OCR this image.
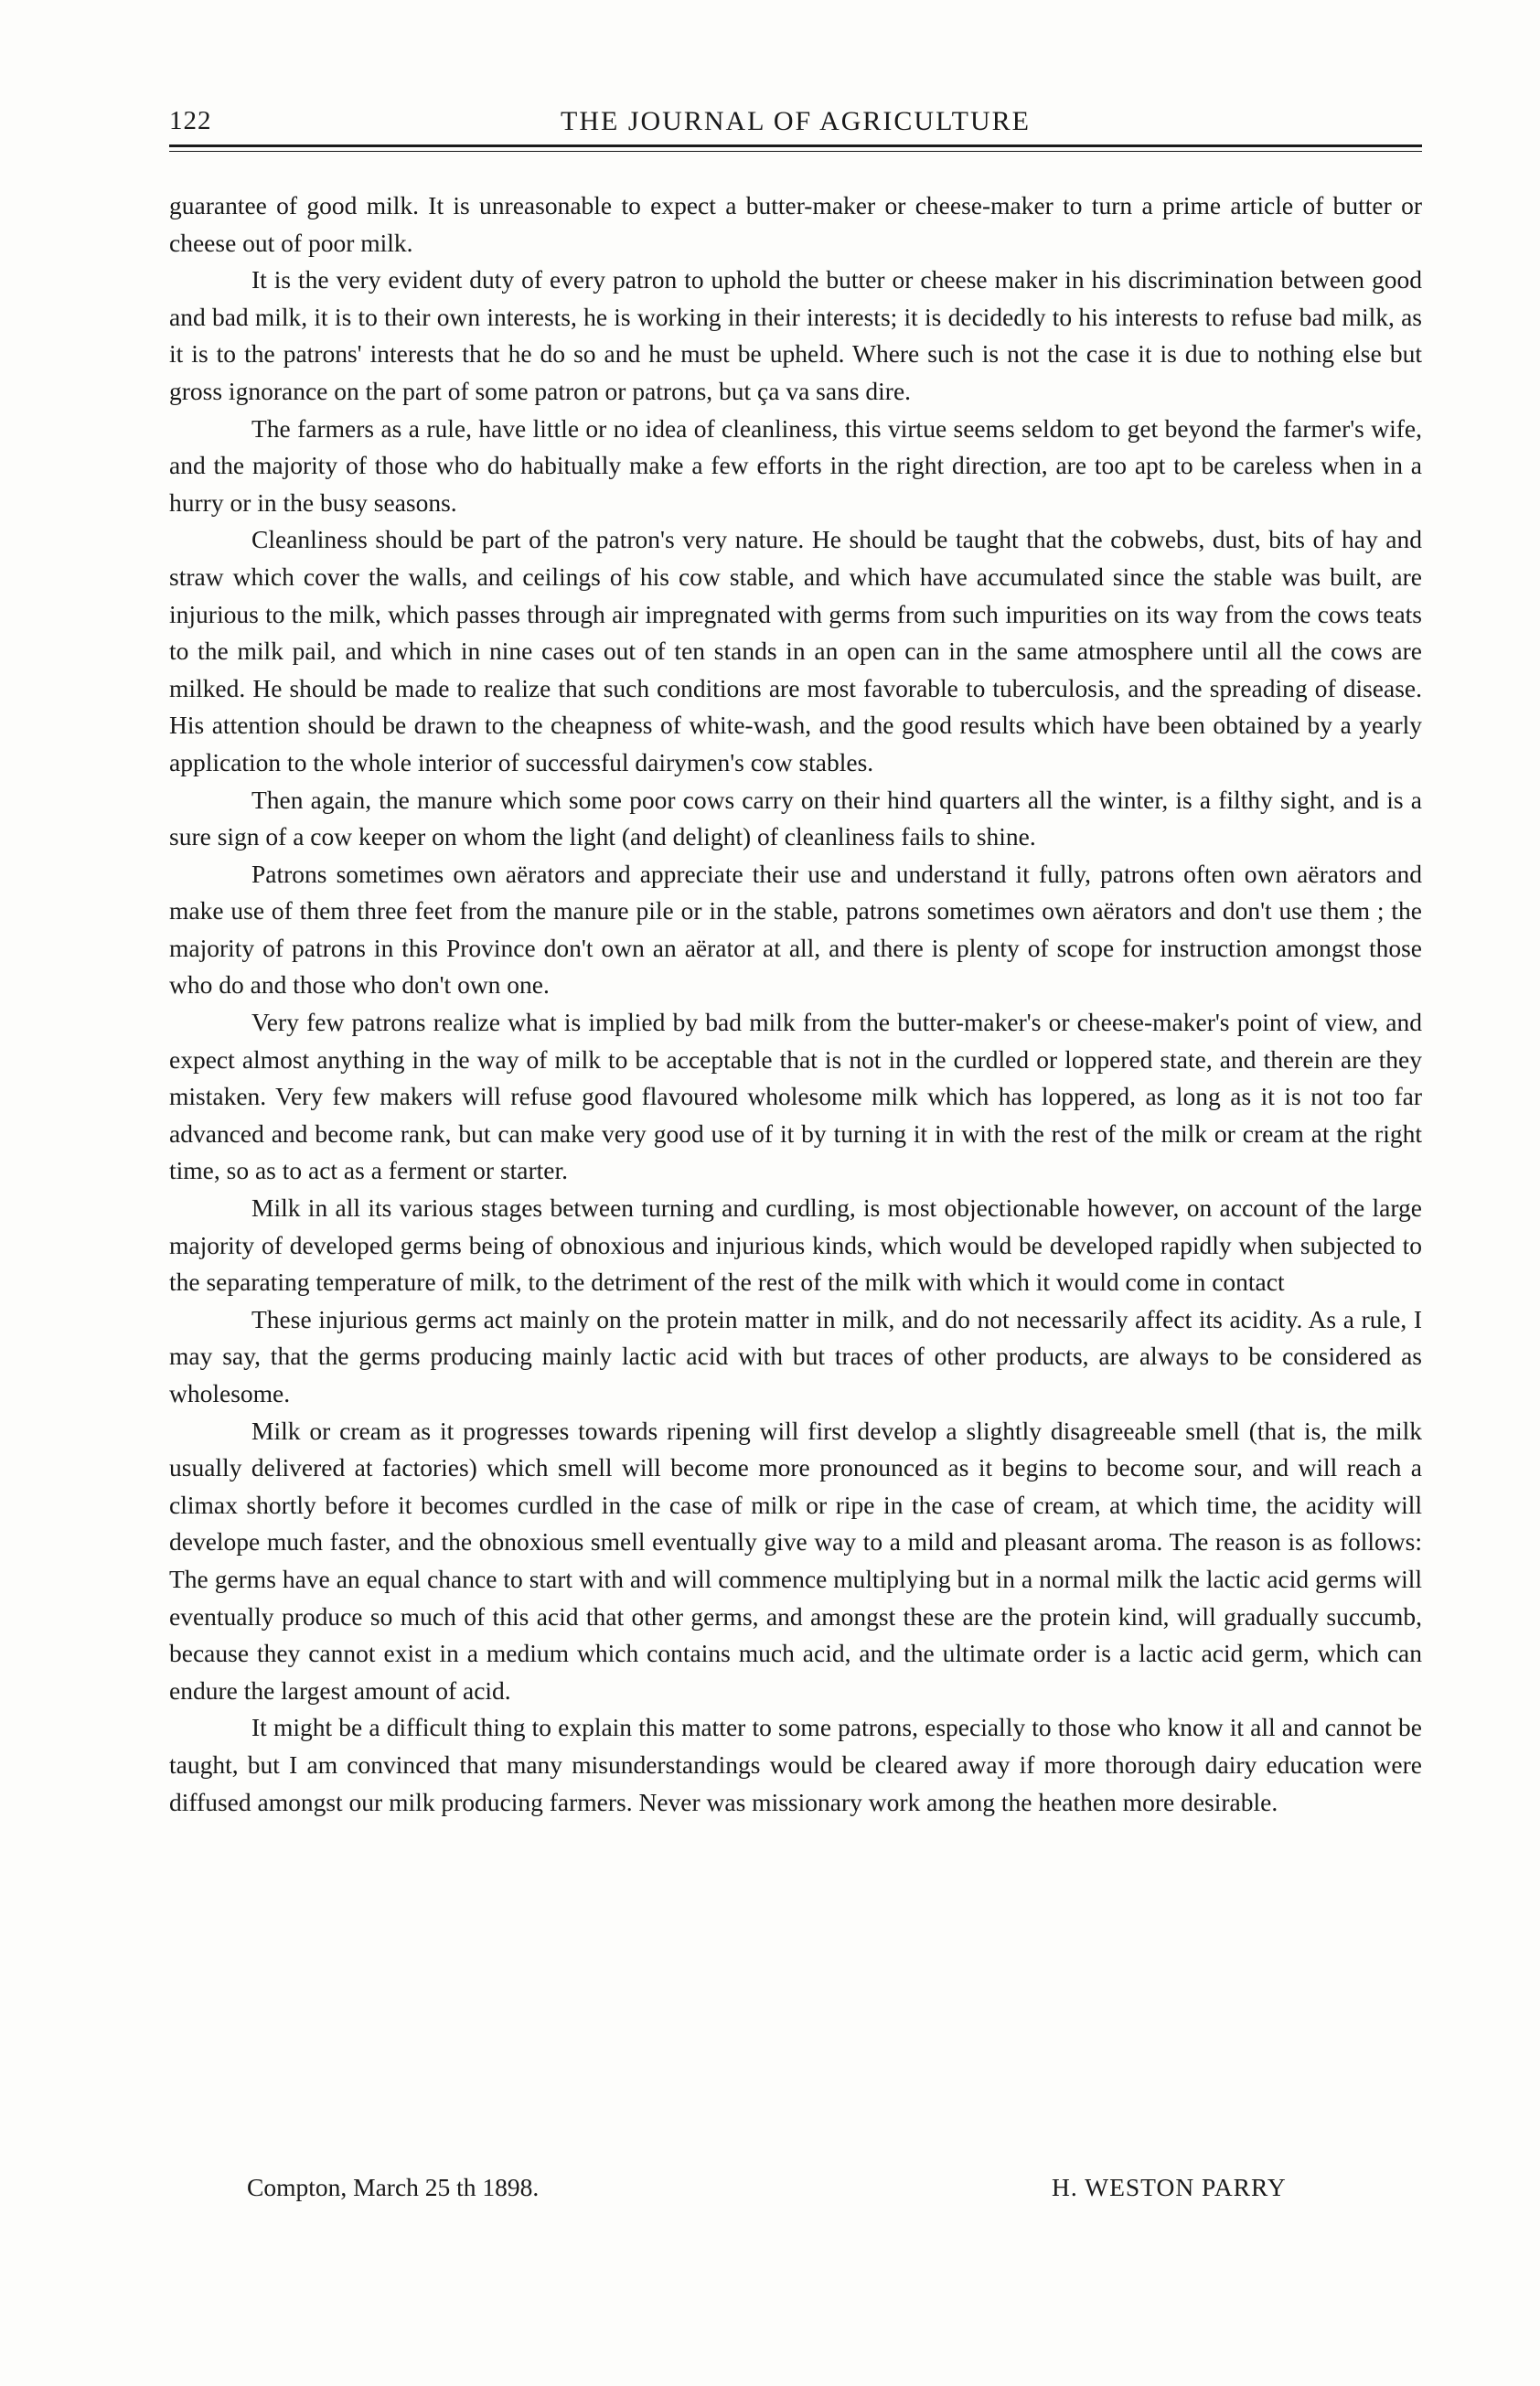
122	THE JOURNAL OF AGRICULTURE

guarantee of good milk. It is unreasonable to expect a butter-maker or cheese-maker to turn a prime article of butter or cheese out of poor milk.

It is the very evident duty of every patron to uphold the butter or cheese maker in his discrimination between good and bad milk, it is to their own interests, he is working in their interests; it is decidedly to his interests to refuse bad milk, as it is to the patrons' interests that he do so and he must be upheld. Where such is not the case it is due to nothing else but gross ignorance on the part of some patron or patrons, but ça va sans dire.

The farmers as a rule, have little or no idea of cleanliness, this virtue seems seldom to get beyond the farmer's wife, and the majority of those who do habitually make a few efforts in the right direction, are too apt to be careless when in a hurry or in the busy seasons.

Cleanliness should be part of the patron's very nature. He should be taught that the cobwebs, dust, bits of hay and straw which cover the walls, and ceilings of his cow stable, and which have accumulated since the stable was built, are injurious to the milk, which passes through air impregnated with germs from such impurities on its way from the cows teats to the milk pail, and which in nine cases out of ten stands in an open can in the same atmosphere until all the cows are milked. He should be made to realize that such conditions are most favorable to tuberculosis, and the spreading of disease. His attention should be drawn to the cheapness of white-wash, and the good results which have been obtained by a yearly application to the whole interior of successful dairymen's cow stables.

Then again, the manure which some poor cows carry on their hind quarters all the winter, is a filthy sight, and is a sure sign of a cow keeper on whom the light (and delight) of cleanliness fails to shine.

Patrons sometimes own aërators and appreciate their use and understand it fully, patrons often own aërators and make use of them three feet from the manure pile or in the stable, patrons sometimes own aërators and don't use them ; the majority of patrons in this Province don't own an aërator at all, and there is plenty of scope for instruction amongst those who do and those who don't own one.

Very few patrons realize what is implied by bad milk from the butter-maker's or cheese-maker's point of view, and expect almost anything in the way of milk to be acceptable that is not in the curdled or loppered state, and therein are they mistaken. Very few makers will refuse good flavoured wholesome milk which has loppered, as long as it is not too far advanced and become rank, but can make very good use of it by turning it in with the rest of the milk or cream at the right time, so as to act as a ferment or starter.

Milk in all its various stages between turning and curdling, is most objectionable however, on account of the large majority of developed germs being of obnoxious and injurious kinds, which would be developed rapidly when subjected to the separating temperature of milk, to the detriment of the rest of the milk with which it would come in contact

These injurious germs act mainly on the protein matter in milk, and do not necessarily affect its acidity. As a rule, I may say, that the germs producing mainly lactic acid with but traces of other products, are always to be considered as wholesome.

Milk or cream as it progresses towards ripening will first develop a slightly disagreeable smell (that is, the milk usually delivered at factories) which smell will become more pronounced as it begins to become sour, and will reach a climax shortly before it becomes curdled in the case of milk or ripe in the case of cream, at which time, the acidity will develope much faster, and the obnoxious smell eventually give way to a mild and pleasant aroma. The reason is as follows: The germs have an equal chance to start with and will commence multiplying but in a normal milk the lactic acid germs will eventually produce so much of this acid that other germs, and amongst these are the protein kind, will gradually succumb, because they cannot exist in a medium which contains much acid, and the ultimate order is a lactic acid germ, which can endure the largest amount of acid.

It might be a difficult thing to explain this matter to some patrons, especially to those who know it all and cannot be taught, but I am convinced that many misunderstandings would be cleared away if more thorough dairy education were diffused amongst our milk producing farmers. Never was missionary work among the heathen more desirable.

Compton, March 25 th 1898.	H. WESTON PARRY
